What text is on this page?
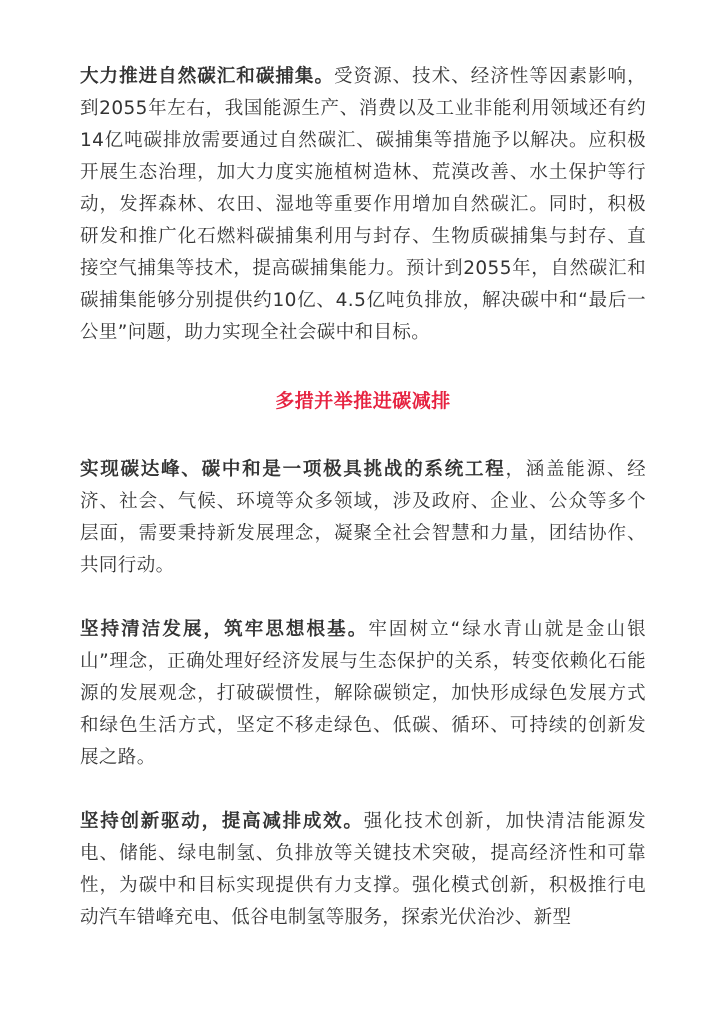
大力推进自然碳汇和碳捕集。受资源、技术、经济性等因素影响，到2055年左右，我国能源生产、消费以及工业非能利用领域还有约14亿吨碳排放需要通过自然碳汇、碳捕集等措施予以解决。应积极开展生态治理，加大力度实施植树造林、荒漠改善、水土保护等行动，发挥森林、农田、湿地等重要作用增加自然碳汇。同时，积极研发和推广化石燃料碳捕集利用与封存、生物质碳捕集与封存、直接空气捕集等技术，提高碳捕集能力。预计到2055年，自然碳汇和碳捕集能够分别提供约10亿、4.5亿吨负排放，解决碳中和“最后一公里”问题，助力实现全社会碳中和目标。

多措并举推进碳减排

实现碳达峰、碳中和是一项极具挑战的系统工程，涵盖能源、经济、社会、气候、环境等众多领域，涉及政府、企业、公众等多个层面，需要秉持新发展理念，凝聚全社会智慧和力量，团结协作、共同行动。

坚持清洁发展，筑牢思想根基。牢固树立“绿水青山就是金山银山”理念，正确处理好经济发展与生态保护的关系，转变依赖化石能源的发展观念，打破碳惯性，解除碳锁定，加快形成绿色发展方式和绿色生活方式，坚定不移走绿色、低碳、循环、可持续的创新发展之路。

坚持创新驱动，提高减排成效。强化技术创新，加快清洁能源发电、储能、绿电制氢、负排放等关键技术突破，提高经济性和可靠性，为碳中和目标实现提供有力支撑。强化模式创新，积极推行电动汽车错峰充电、低谷电制氢等服务，探索光伏治沙、新型
